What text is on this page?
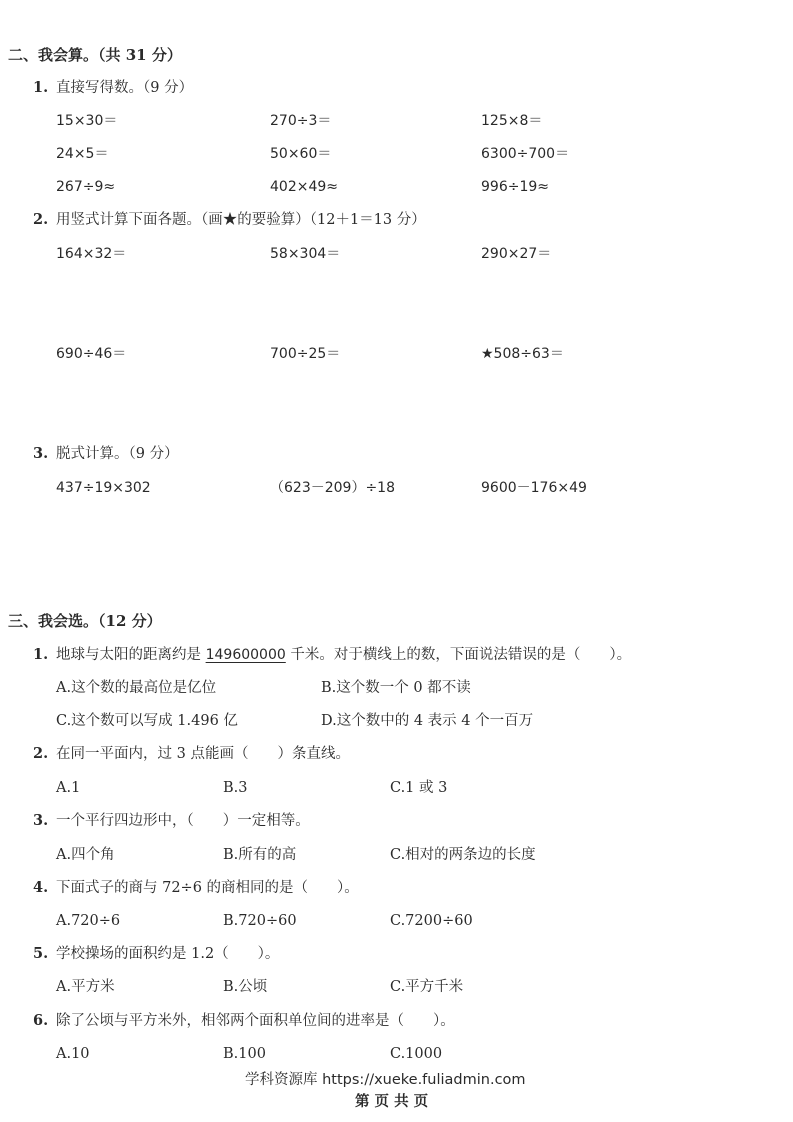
二、我会算。（共 31 分）
1. 直接写得数。（9 分）
15×30＝	270÷3＝	125×8＝
24×5＝	50×60＝	6300÷700＝
267÷9≈	402×49≈	996÷19≈
2. 用竖式计算下面各题。（画★的要验算）（12＋1＝13 分）
164×32＝	58×304＝	290×27＝
690÷46＝	700÷25＝	★508÷63＝
3. 脱式计算。（9 分）
437÷19×302	（623－209）÷18	9600－176×49
三、我会选。（12 分）
1. 地球与太阳的距离约是 149600000 千米。对于横线上的数，下面说法错误的是（　　）。
A.这个数的最高位是亿位	B.这个数一个 0 都不读
C.这个数可以写成 1.496 亿	D.这个数中的 4 表示 4 个一百万
2. 在同一平面内，过 3 点能画（　　）条直线。
A.1	B.3	C.1 或 3
3. 一个平行四边形中，（　　）一定相等。
A.四个角	B.所有的高	C.相对的两条边的长度
4. 下面式子的商与 72÷6 的商相同的是（　　）。
A.720÷6	B.720÷60	C.7200÷60
5. 学校操场的面积约是 1.2（　　）。
A.平方米	B.公顷	C.平方千米
6. 除了公顷与平方米外，相邻两个面积单位间的进率是（　　）。
A.10	B.100	C.1000
学科资源库 https://xueke.fuliadmin.com
第 页 共 页
